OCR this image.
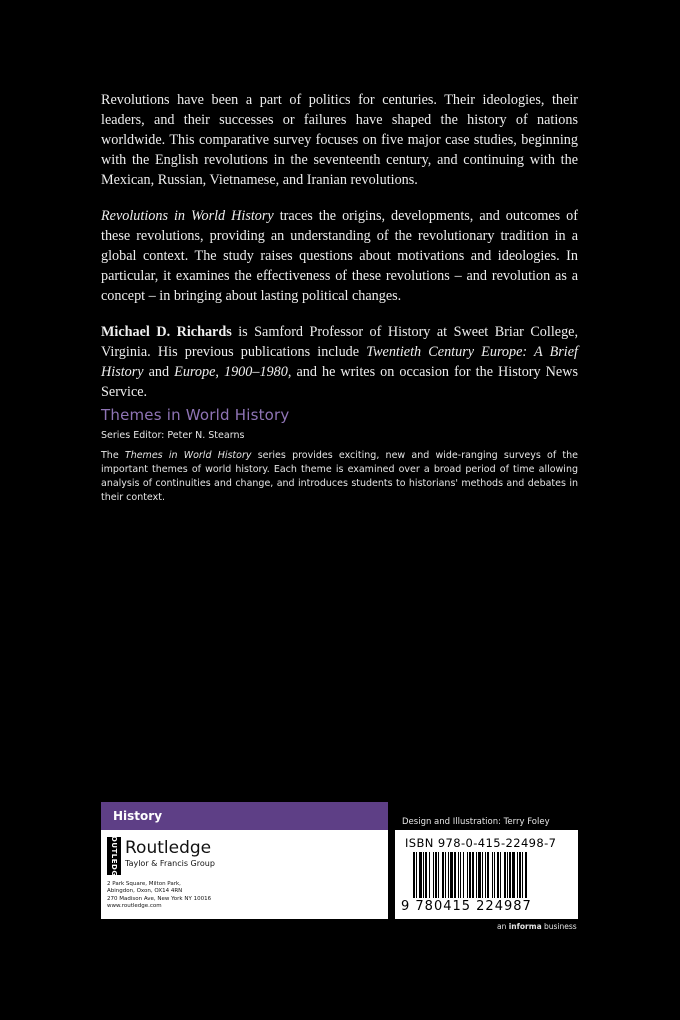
Revolutions have been a part of politics for centuries. Their ideologies, their leaders, and their successes or failures have shaped the history of nations worldwide. This comparative survey focuses on five major case studies, beginning with the English revolutions in the seventeenth century, and continuing with the Mexican, Russian, Vietnamese, and Iranian revolutions.

Revolutions in World History traces the origins, developments, and outcomes of these revolutions, providing an understanding of the revolutionary tradition in a global context. The study raises questions about motivations and ideologies. In particular, it examines the effectiveness of these revolutions – and revolution as a concept – in bringing about lasting political changes.

Michael D. Richards is Samford Professor of History at Sweet Briar College, Virginia. His previous publications include Twentieth Century Europe: A Brief History and Europe, 1900–1980, and he writes on occasion for the History News Service.

Themes in World History
Series Editor: Peter N. Stearns

The Themes in World History series provides exciting, new and wide-ranging surveys of the important themes of world history. Each theme is examined over a broad period of time allowing analysis of continuities and change, and introduces students to historians' methods and debates in their context.

History
ROUTLEDGE Routledge
Taylor & Francis Group
2 Park Square, Milton Park,
Abingdon, Oxon, OX14 4RN
270 Madison Ave, New York NY 10016
www.routledge.com
Design and Illustration: Terry Foley
ISBN 978-0-415-22498-7
9 780415 224987
an informa business
